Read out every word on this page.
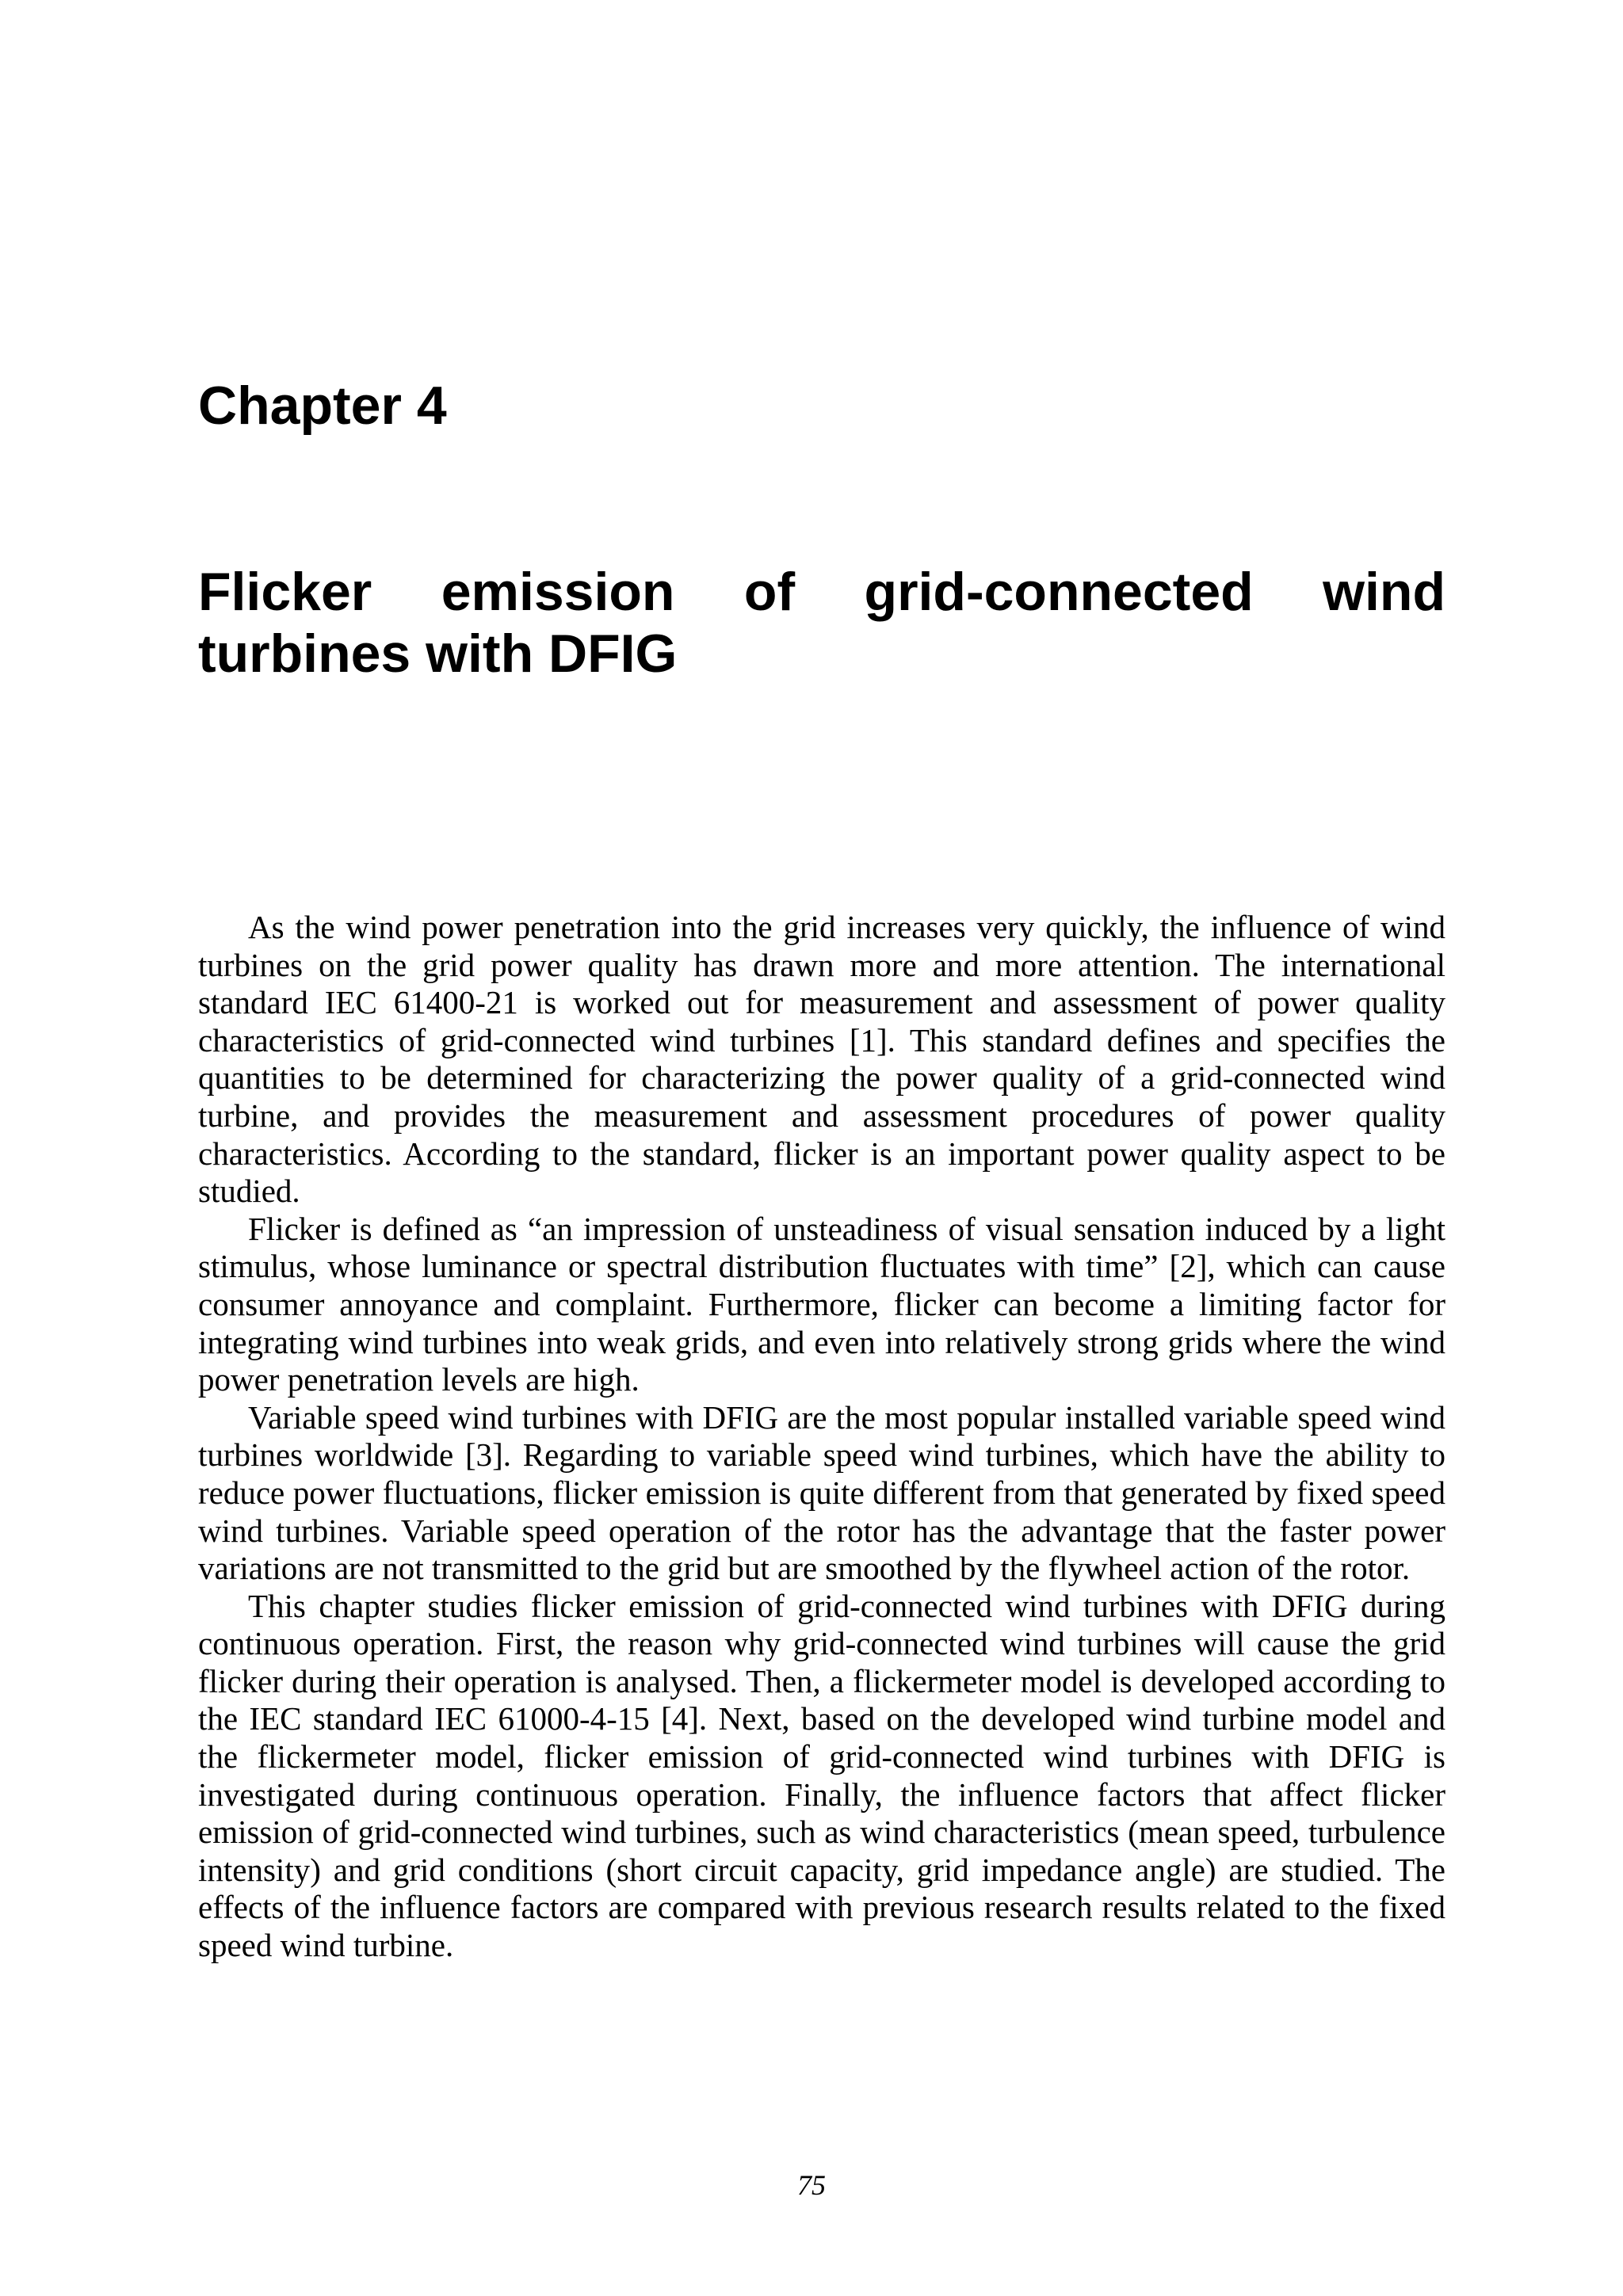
Chapter 4
Flicker emission of grid-connected wind
turbines with DFIG

As the wind power penetration into the grid increases very quickly, the influence of wind turbines on the grid power quality has drawn more and more attention. The international standard IEC 61400-21 is worked out for measurement and assessment of power quality characteristics of grid-connected wind turbines [1]. This standard defines and specifies the quantities to be determined for characterizing the power quality of a grid-connected wind turbine, and provides the measurement and assessment procedures of power quality characteristics. According to the standard, flicker is an important power quality aspect to be studied.

Flicker is defined as “an impression of unsteadiness of visual sensation induced by a light stimulus, whose luminance or spectral distribution fluctuates with time” [2], which can cause consumer annoyance and complaint. Furthermore, flicker can become a limiting factor for integrating wind turbines into weak grids, and even into relatively strong grids where the wind power penetration levels are high.

Variable speed wind turbines with DFIG are the most popular installed variable speed wind turbines worldwide [3]. Regarding to variable speed wind turbines, which have the ability to reduce power fluctuations, flicker emission is quite different from that generated by fixed speed wind turbines. Variable speed operation of the rotor has the advantage that the faster power variations are not transmitted to the grid but are smoothed by the flywheel action of the rotor.

This chapter studies flicker emission of grid-connected wind turbines with DFIG during continuous operation. First, the reason why grid-connected wind turbines will cause the grid flicker during their operation is analysed. Then, a flickermeter model is developed according to the IEC standard IEC 61000-4-15 [4]. Next, based on the developed wind turbine model and the flickermeter model, flicker emission of grid-connected wind turbines with DFIG is investigated during continuous operation. Finally, the influence factors that affect flicker emission of grid-connected wind turbines, such as wind characteristics (mean speed, turbulence intensity) and grid conditions (short circuit capacity, grid impedance angle) are studied. The effects of the influence factors are compared with previous research results related to the fixed speed wind turbine.

75
